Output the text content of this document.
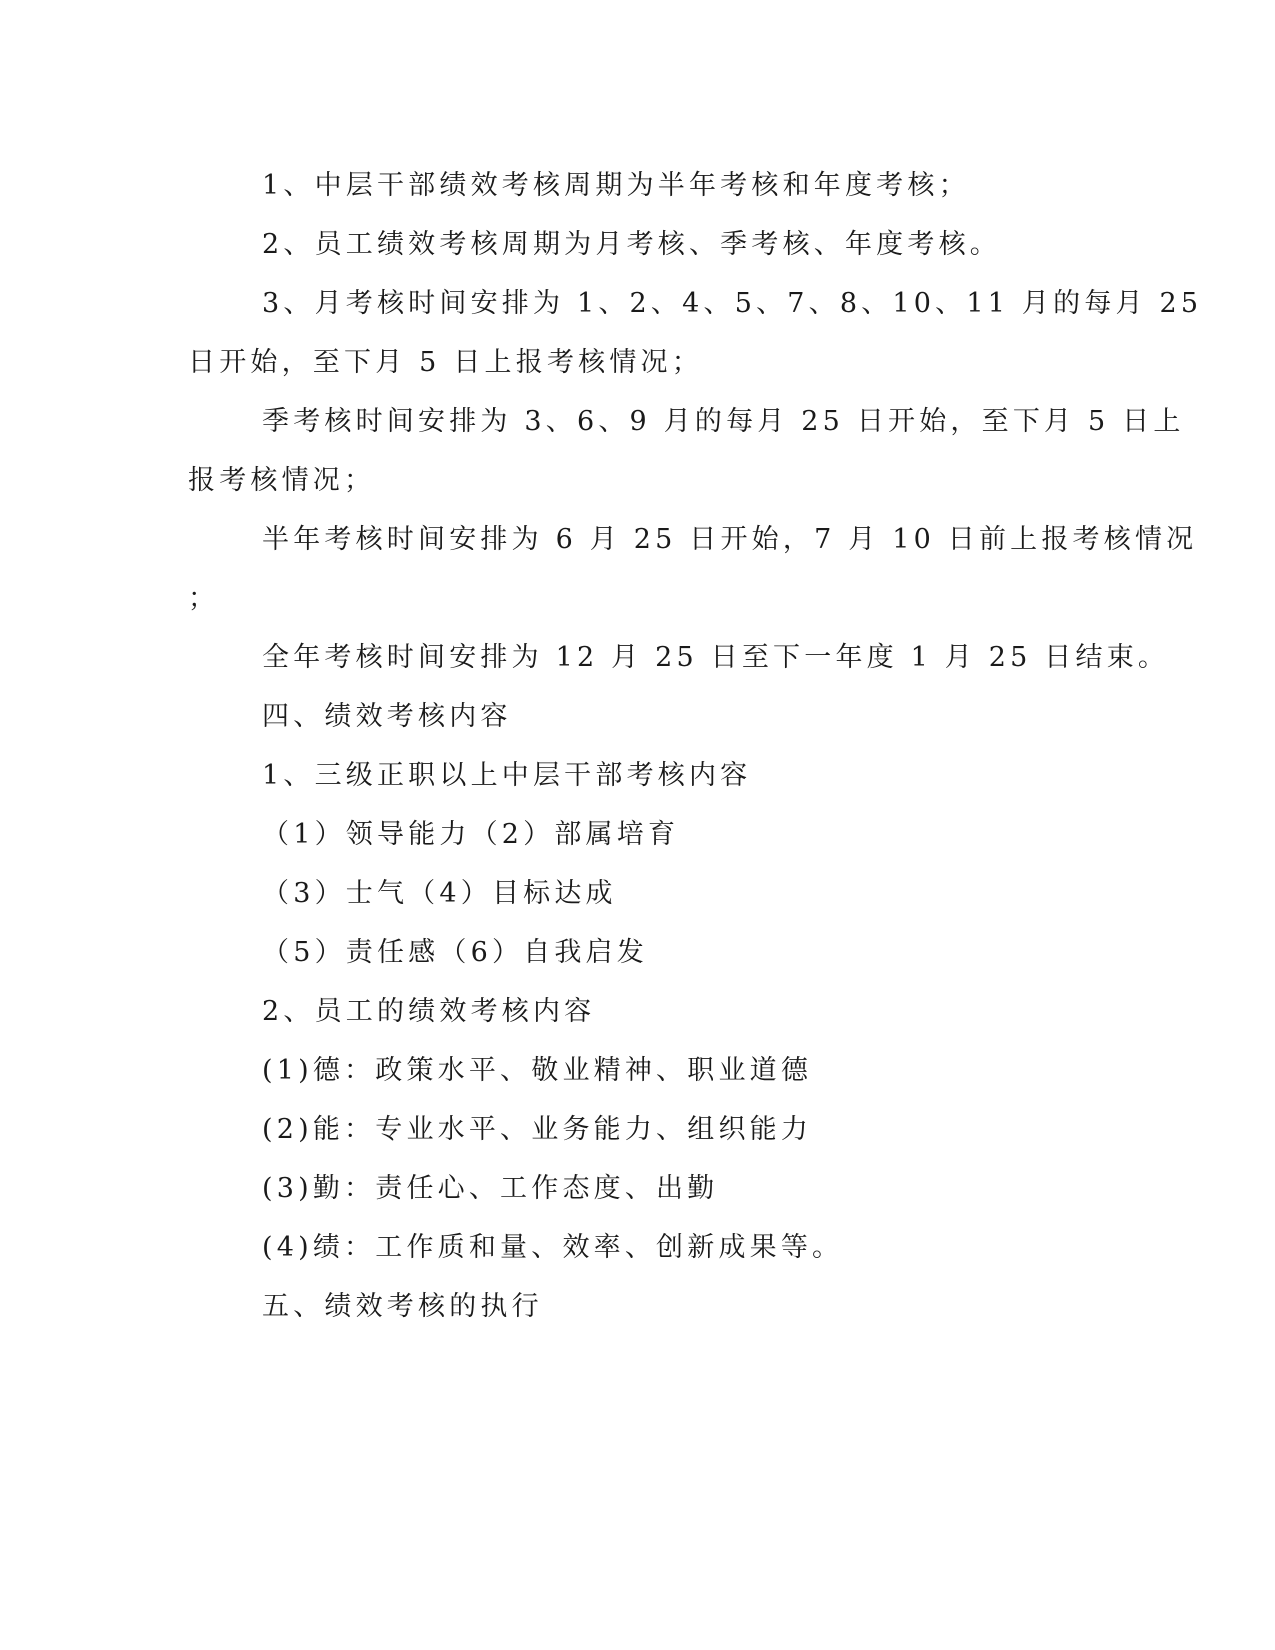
1、中层干部绩效考核周期为半年考核和年度考核；
2、员工绩效考核周期为月考核、季考核、年度考核。
3、月考核时间安排为 1、2、4、5、7、8、10、11 月的每月 25
日开始，至下月 5 日上报考核情况；
季考核时间安排为 3、6、9 月的每月 25 日开始，至下月 5 日上
报考核情况；
半年考核时间安排为 6 月 25 日开始，7 月 10 日前上报考核情况
；
全年考核时间安排为 12 月 25 日至下一年度 1 月 25 日结束。
四、绩效考核内容
1、三级正职以上中层干部考核内容
（1）领导能力（2）部属培育
（3）士气（4）目标达成
（5）责任感（6）自我启发
2、员工的绩效考核内容
(1)德：政策水平、敬业精神、职业道德
(2)能：专业水平、业务能力、组织能力
(3)勤：责任心、工作态度、出勤
(4)绩：工作质和量、效率、创新成果等。
五、绩效考核的执行
